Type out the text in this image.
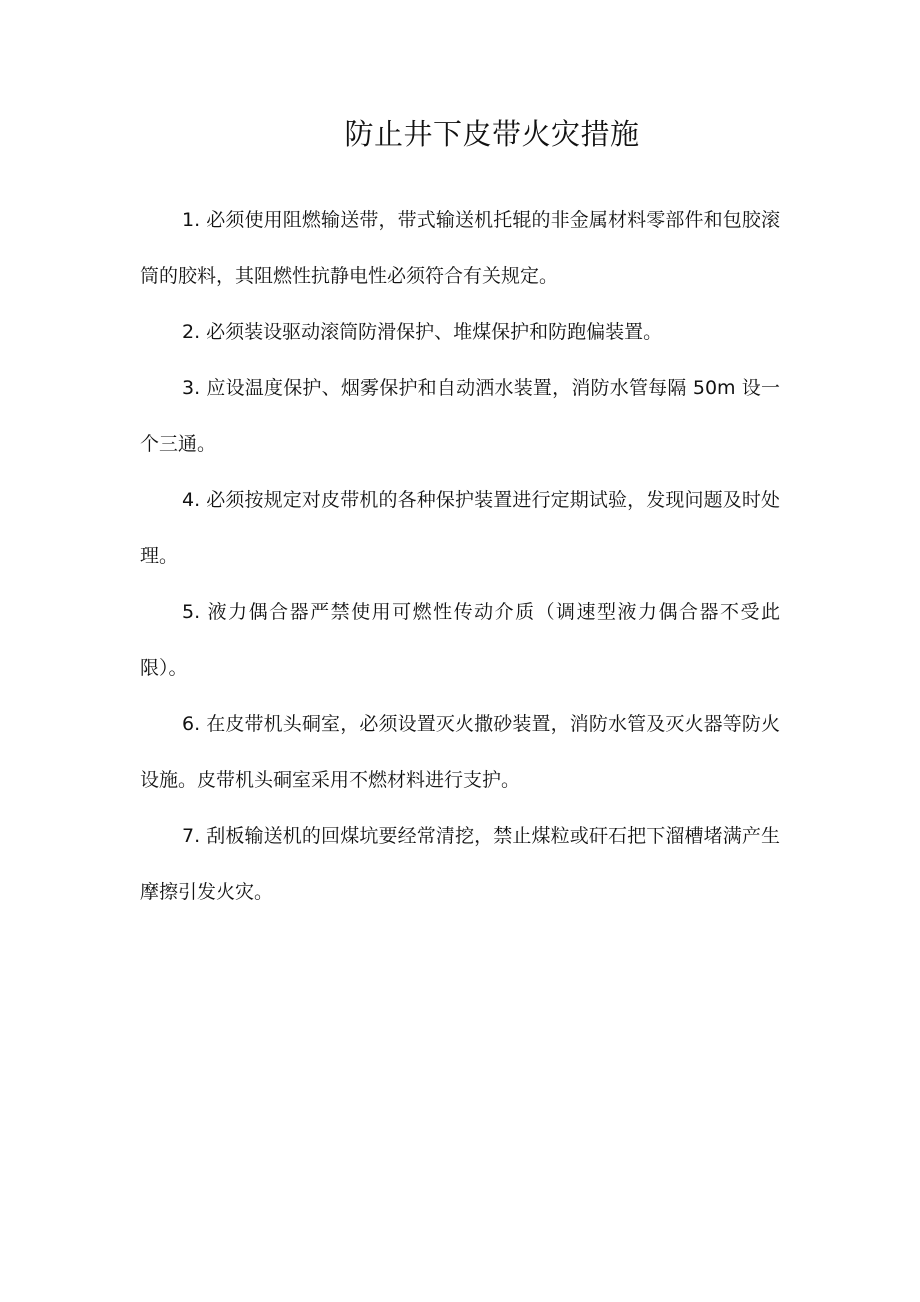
防止井下皮带火灾措施

1. 必须使用阻燃输送带，带式输送机托辊的非金属材料零部件和包胶滚筒的胶料，其阻燃性抗静电性必须符合有关规定。

2. 必须装设驱动滚筒防滑保护、堆煤保护和防跑偏装置。

3. 应设温度保护、烟雾保护和自动洒水装置，消防水管每隔 50m 设一个三通。

4. 必须按规定对皮带机的各种保护装置进行定期试验，发现问题及时处理。

5. 液力偶合器严禁使用可燃性传动介质（调速型液力偶合器不受此限）。

6. 在皮带机头硐室，必须设置灭火撒砂装置，消防水管及灭火器等防火设施。皮带机头硐室采用不燃材料进行支护。

7. 刮板输送机的回煤坑要经常清挖，禁止煤粒或矸石把下溜槽堵满产生摩擦引发火灾。
